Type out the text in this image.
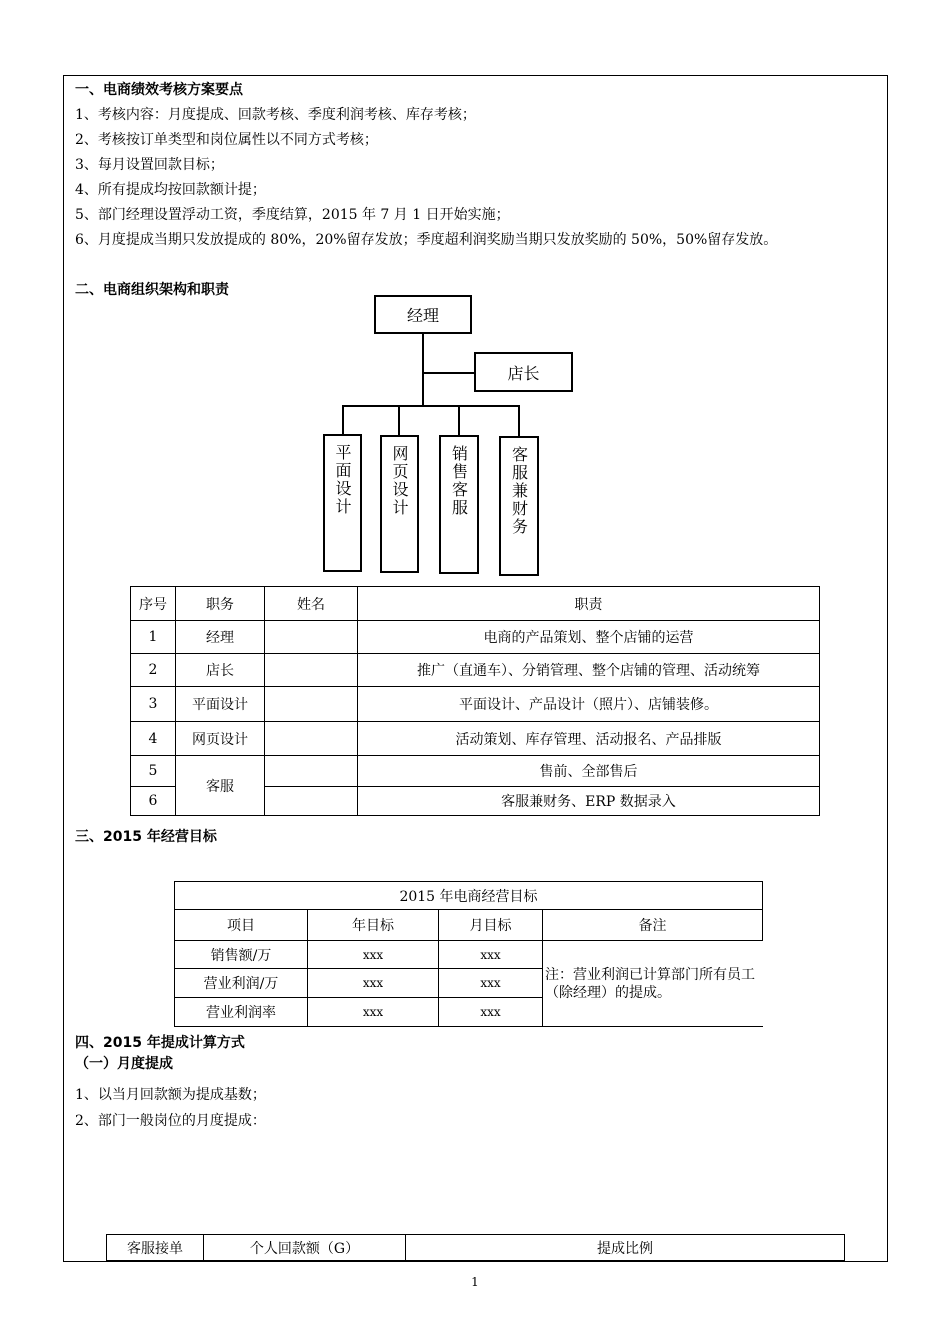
一、电商绩效考核方案要点
1、考核内容：月度提成、回款考核、季度利润考核、库存考核；
2、考核按订单类型和岗位属性以不同方式考核；
3、每月设置回款目标；
4、所有提成均按回款额计提；
5、部门经理设置浮动工资，季度结算，2015 年 7 月 1 日开始实施；
6、月度提成当期只发放提成的 80%，20%留存发放；季度超利润奖励当期只发放奖励的 50%，50%留存发放。
二、电商组织架构和职责
经理
店长
平面设计 网页设计	销售客服	客服兼财务
序号	职务	姓名	职责
1	经理		电商的产品策划、整个店铺的运营
2	店长		推广（直通车）、分销管理、整个店铺的管理、活动统筹
3	平面设计		平面设计、产品设计（照片）、店铺装修。
4	网页设计		活动策划、库存管理、活动报名、产品排版
5	客服		售前、全部售后
6			客服兼财务、ERP 数据录入
三、2015 年经营目标
2015 年电商经营目标			
项目	年目标	月目标	备注
销售额/万	xxx	xxx	注：营业利润已计算部门所有员工（除经理）的提成。
营业利润/万	xxx	xxx	
营业利润率	xxx	xxx	
四、2015 年提成计算方式
（一）月度提成
1、以当月回款额为提成基数；
2、部门一般岗位的月度提成：
客服接单	个人回款额（G）	提成比例
1
